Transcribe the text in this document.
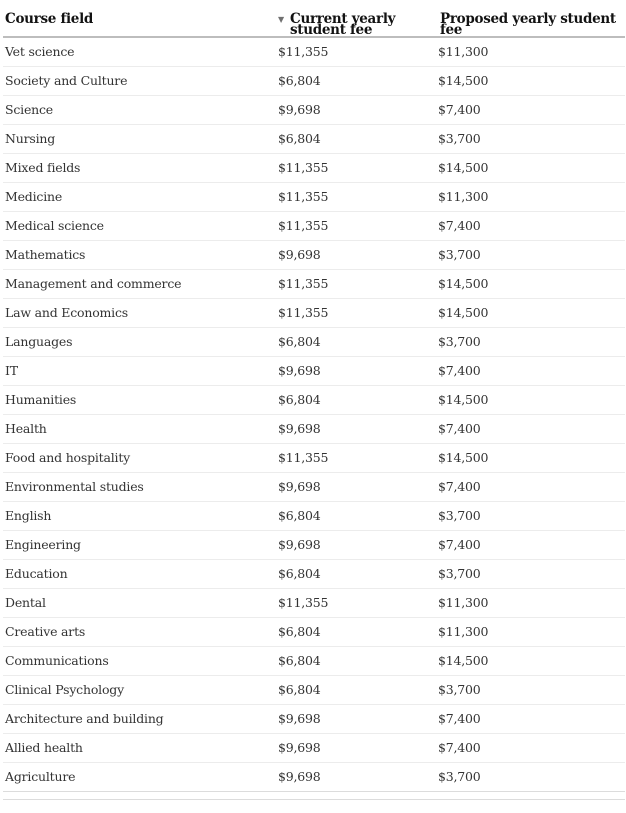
Course field	▼ Current yearly student fee	Proposed yearly student fee
Vet science	$11,355	$11,300
Society and Culture	$6,804	$14,500
Science	$9,698	$7,400
Nursing	$6,804	$3,700
Mixed fields	$11,355	$14,500
Medicine	$11,355	$11,300
Medical science	$11,355	$7,400
Mathematics	$9,698	$3,700
Management and commerce	$11,355	$14,500
Law and Economics	$11,355	$14,500
Languages	$6,804	$3,700
IT	$9,698	$7,400
Humanities	$6,804	$14,500
Health	$9,698	$7,400
Food and hospitality	$11,355	$14,500
Environmental studies	$9,698	$7,400
English	$6,804	$3,700
Engineering	$9,698	$7,400
Education	$6,804	$3,700
Dental	$11,355	$11,300
Creative arts	$6,804	$11,300
Communications	$6,804	$14,500
Clinical Psychology	$6,804	$3,700
Architecture and building	$9,698	$7,400
Allied health	$9,698	$7,400
Agriculture	$9,698	$3,700
